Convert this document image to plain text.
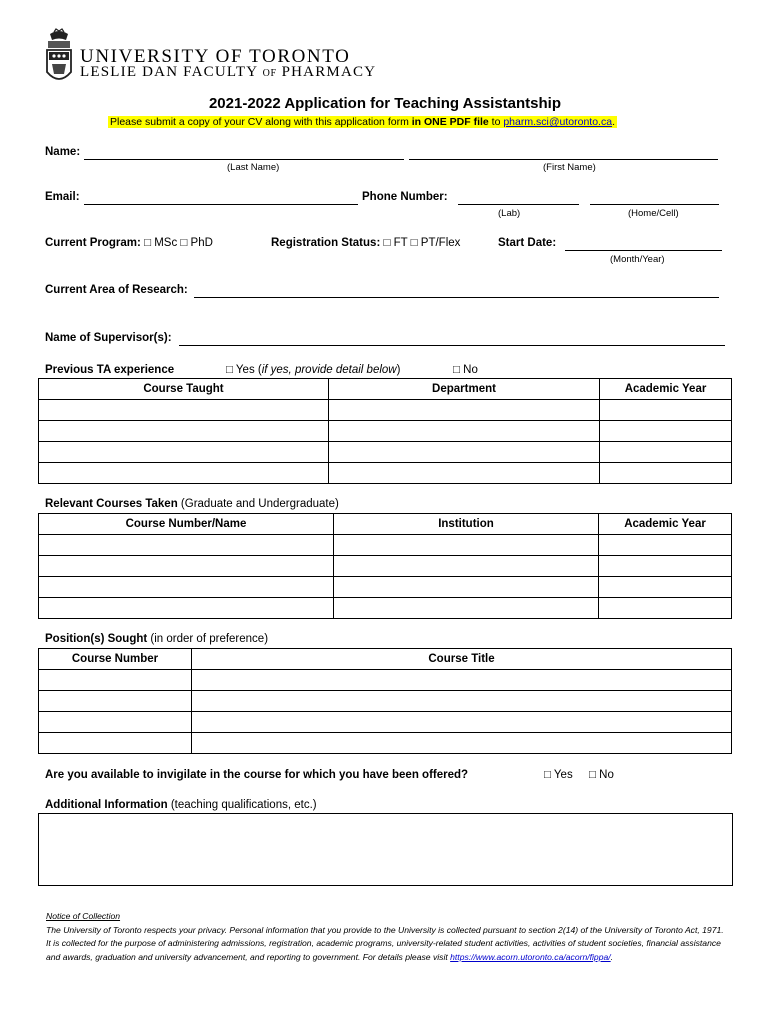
UNIVERSITY OF TORONTO
LESLIE DAN FACULTY OF PHARMACY
2021-2022 Application for Teaching Assistantship
Please submit a copy of your CV along with this application form in ONE PDF file to pharm.sci@utoronto.ca.
Name:
(Last Name)	(First Name)
Email:	Phone Number:
(Lab)	(Home/Cell)
Current Program: □ MSc □ PhD	Registration Status: □ FT □ PT/Flex	Start Date:
(Month/Year)
Current Area of Research:
Name of Supervisor(s):
Previous TA experience	□ Yes (if yes, provide detail below)	□ No
Course Taught	Department	Academic Year

Relevant Courses Taken (Graduate and Undergraduate)
Course Number/Name	Institution	Academic Year

Position(s) Sought (in order of preference)
Course Number	Course Title

Are you available to invigilate in the course for which you have been offered?	□ Yes □ No
Additional Information (teaching qualifications, etc.)
Notice of Collection
The University of Toronto respects your privacy. Personal information that you provide to the University is collected pursuant to section 2(14) of the University of Toronto Act, 1971. It is collected for the purpose of administering admissions, registration, academic programs, university-related student activities, activities of student societies, financial assistance and awards, graduation and university advancement, and reporting to government. For details please visit https://www.acorn.utoronto.ca/acorn/fippa/.
